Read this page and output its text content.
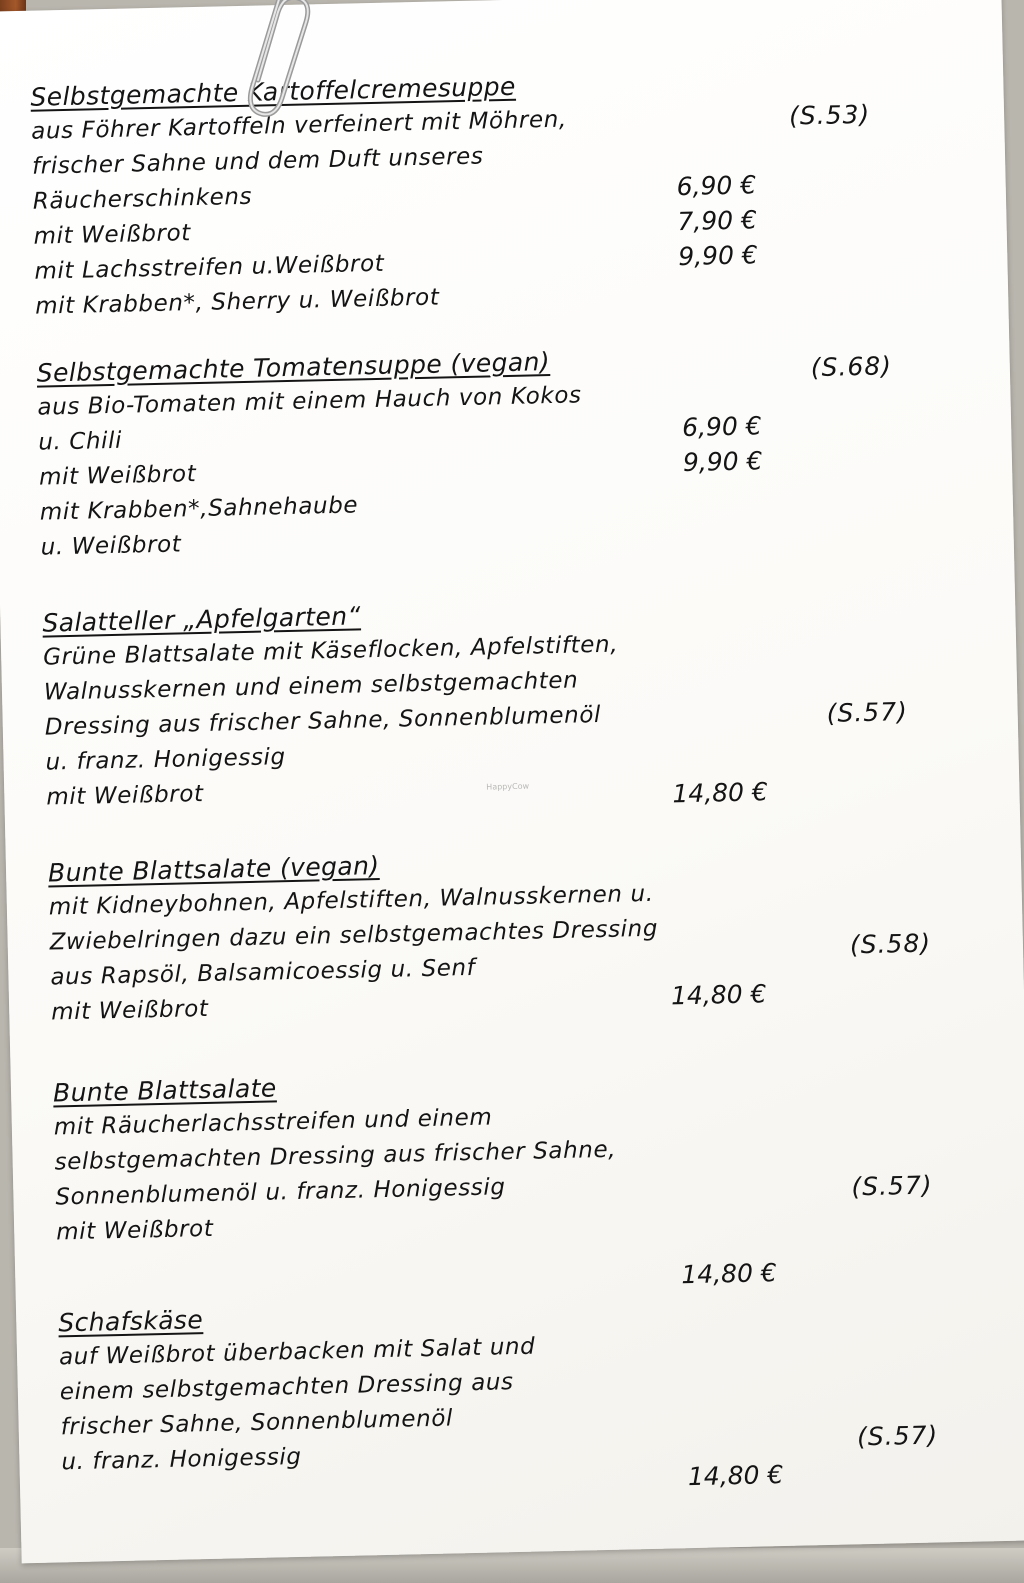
Selbstgemachte Kartoffelcremesuppe
aus Föhrer Kartoffeln verfeinert mit Möhren,
frischer Sahne und dem Duft unseres
Räucherschinkens
mit Weißbrot
mit Lachsstreifen u.Weißbrot
mit Krabben*, Sherry u. Weißbrot
6,90 €
7,90 €
9,90 €
(S.53)
Selbstgemachte Tomatensuppe (vegan)
aus Bio-Tomaten mit einem Hauch von Kokos
u. Chili
mit Weißbrot
mit Krabben*,Sahnehaube
u. Weißbrot
6,90 €
9,90 €
(S.68)
Salatteller „Apfelgarten“
Grüne Blattsalate mit Käseflocken, Apfelstiften,
Walnusskernen und einem selbstgemachten
Dressing aus frischer Sahne, Sonnenblumenöl
u. franz. Honigessig
mit Weißbrot	14,80 €
(S.57)
HappyCow
Bunte Blattsalate (vegan)
mit Kidneybohnen, Apfelstiften, Walnusskernen u.
Zwiebelringen dazu ein selbstgemachtes Dressing
aus Rapsöl, Balsamicoessig u. Senf
mit Weißbrot
14,80 €
(S.58)
Bunte Blattsalate
mit Räucherlachsstreifen und einem
selbstgemachten Dressing aus frischer Sahne,
Sonnenblumenöl u. franz. Honigessig
mit Weißbrot
14,80 €
(S.57)
Schafskäse
auf Weißbrot überbacken mit Salat und
einem selbstgemachten Dressing aus
frischer Sahne, Sonnenblumenöl
u. franz. Honigessig
14,80 €
(S.57)
